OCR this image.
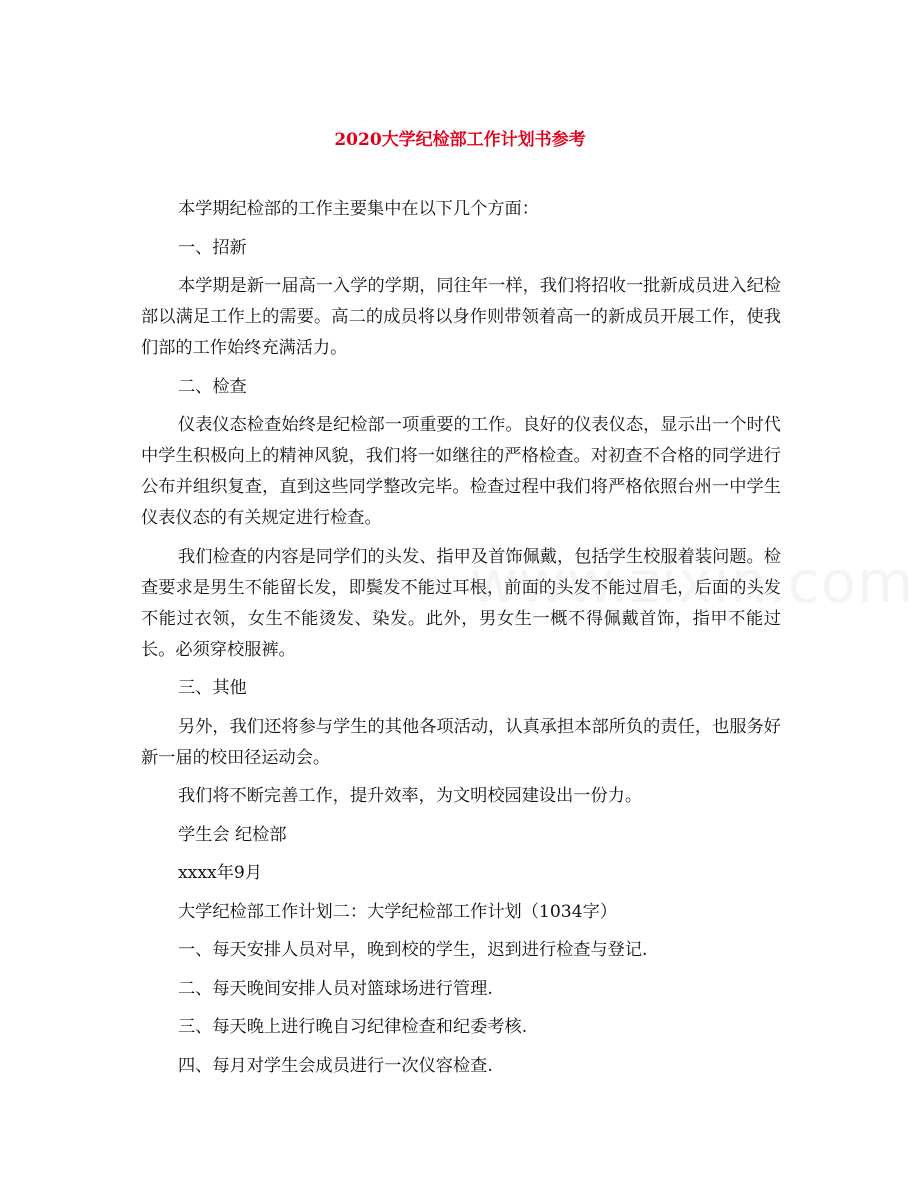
2020大学纪检部工作计划书参考

本学期纪检部的工作主要集中在以下几个方面：

一、招新

本学期是新一届高一入学的学期，同往年一样，我们将招收一批新成员进入纪检部以满足工作上的需要。高二的成员将以身作则带领着高一的新成员开展工作，使我们部的工作始终充满活力。

二、检查

仪表仪态检查始终是纪检部一项重要的工作。良好的仪表仪态，显示出一个时代中学生积极向上的精神风貌，我们将一如继往的严格检查。对初查不合格的同学进行公布并组织复查，直到这些同学整改完毕。检查过程中我们将严格依照台州一中学生仪表仪态的有关规定进行检查。

我们检查的内容是同学们的头发、指甲及首饰佩戴，包括学生校服着装问题。检查要求是男生不能留长发，即鬓发不能过耳根，前面的头发不能过眉毛，后面的头发不能过衣领，女生不能烫发、染发。此外，男女生一概不得佩戴首饰，指甲不能过长。必须穿校服裤。

三、其他

另外，我们还将参与学生的其他各项活动，认真承担本部所负的责任，也服务好新一届的校田径运动会。

我们将不断完善工作，提升效率，为文明校园建设出一份力。

学生会 纪检部

xxxx年9月

大学纪检部工作计划二：大学纪检部工作计划（1034字）

一、每天安排人员对早，晚到校的学生，迟到进行检查与登记.

二、每天晚间安排人员对篮球场进行管理.

三、每天晚上进行晚自习纪律检查和纪委考核.

四、每月对学生会成员进行一次仪容检查.
